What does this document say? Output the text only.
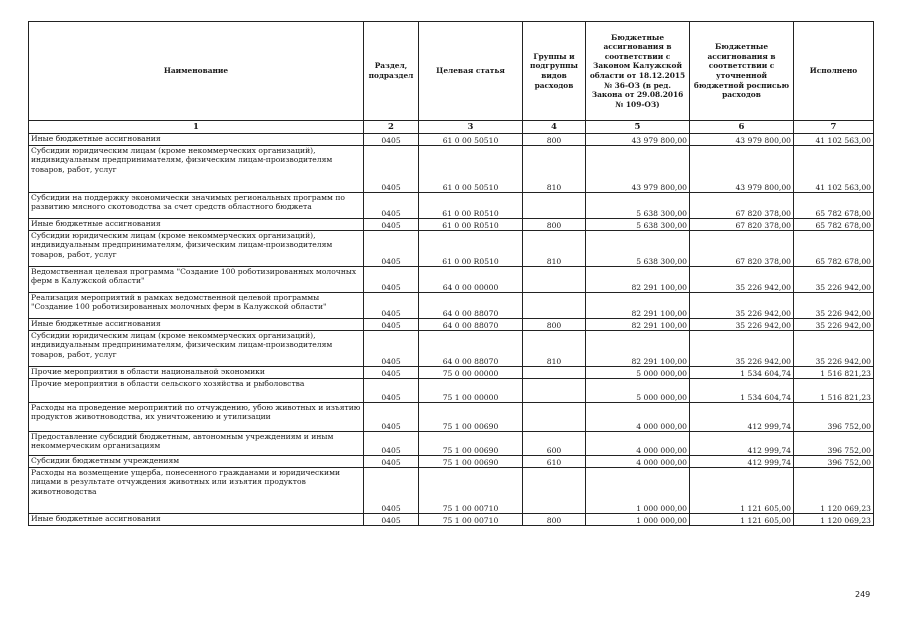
Наименование	Раздел, подраздел	Целевая статья	Группы и подгруппы видов расходов	Бюджетные ассигнования в соответствии с Законом Калужской области от 18.12.2015 № 36-ОЗ (в ред. Закона от 29.08.2016 № 109-ОЗ)	Бюджетные ассигнования в соответствии с уточненной бюджетной росписью расходов	Исполнено
1	2	3	4	5	6	7
Иные бюджетные ассигнования	0405	61 0 00 50510	800	43 979 800,00	43 979 800,00	41 102 563,00
Субсидии юридическим лицам (кроме некоммерческих организаций), индивидуальным предпринимателям, физическим лицам-производителям товаров, работ, услуг	0405	61 0 00 50510	810	43 979 800,00	43 979 800,00	41 102 563,00
Субсидии на поддержку экономически значимых региональных программ по развитию мясного скотоводства за счет средств областного бюджета	0405	61 0 00 R0510		5 638 300,00	67 820 378,00	65 782 678,00
Иные бюджетные ассигнования	0405	61 0 00 R0510	800	5 638 300,00	67 820 378,00	65 782 678,00
Субсидии юридическим лицам (кроме некоммерческих организаций), индивидуальным предпринимателям, физическим лицам-производителям товаров, работ, услуг	0405	61 0 00 R0510	810	5 638 300,00	67 820 378,00	65 782 678,00
Ведомственная целевая программа "Создание 100 роботизированных молочных ферм в Калужской области"	0405	64 0 00 00000		82 291 100,00	35 226 942,00	35 226 942,00
Реализация мероприятий в рамках ведомственной целевой программы "Создание 100 роботизированных молочных ферм в Калужской области"	0405	64 0 00 88070		82 291 100,00	35 226 942,00	35 226 942,00
Иные бюджетные ассигнования	0405	64 0 00 88070	800	82 291 100,00	35 226 942,00	35 226 942,00
Субсидии юридическим лицам (кроме некоммерческих организаций), индивидуальным предпринимателям, физическим лицам-производителям товаров, работ, услуг	0405	64 0 00 88070	810	82 291 100,00	35 226 942,00	35 226 942,00
Прочие мероприятия в области национальной экономики	0405	75 0 00 00000		5 000 000,00	1 534 604,74	1 516 821,23
Прочие мероприятия в области сельского хозяйства и рыболовства	0405	75 1 00 00000		5 000 000,00	1 534 604,74	1 516 821,23
Расходы на проведение мероприятий по отчуждению, убою животных и изъятию продуктов животноводства, их уничтожению и утилизации	0405	75 1 00 00690		4 000 000,00	412 999,74	396 752,00
Предоставление субсидий бюджетным, автономным учреждениям и иным некоммерческим организациям	0405	75 1 00 00690	600	4 000 000,00	412 999,74	396 752,00
Субсидии бюджетным учреждениям	0405	75 1 00 00690	610	4 000 000,00	412 999,74	396 752,00
Расходы на возмещение ущерба, понесенного гражданами и юридическими лицами в результате отчуждения животных или изъятия продуктов животноводства	0405	75 1 00 00710		1 000 000,00	1 121 605,00	1 120 069,23
Иные бюджетные ассигнования	0405	75 1 00 00710	800	1 000 000,00	1 121 605,00	1 120 069,23
249
